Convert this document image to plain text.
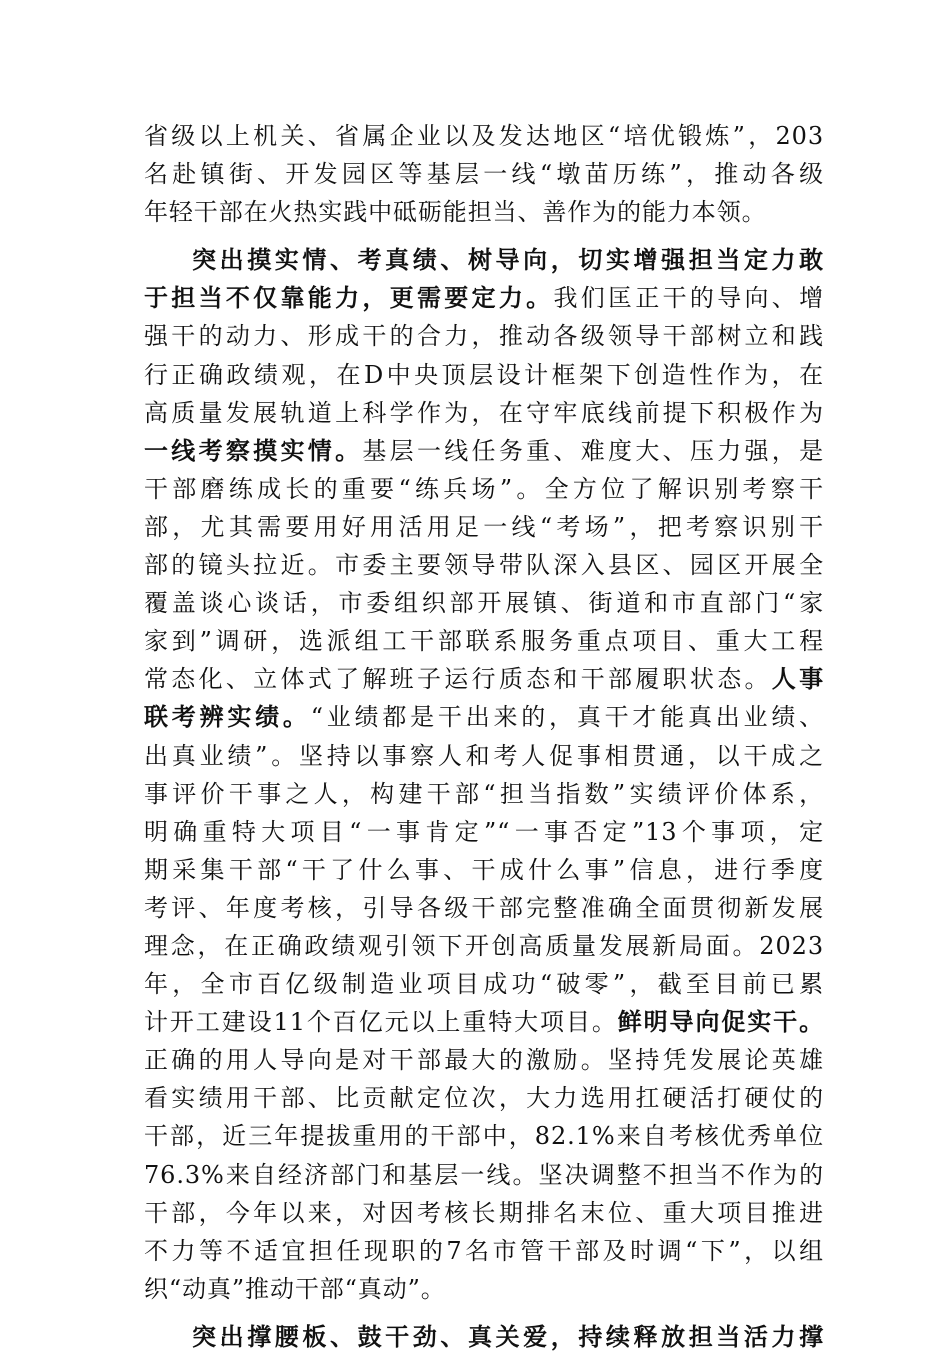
省级以上机关、省属企业以及发达地区“培优锻炼”，203
名赴镇街、开发园区等基层一线“墩苗历练”，推动各级
年轻干部在火热实践中砥砺能担当、善作为的能力本领。
突出摸实情、考真绩、树导向，切实增强担当定力敢
于担当不仅靠能力，更需要定力。我们匡正干的导向、增
强干的动力、形成干的合力，推动各级领导干部树立和践
行正确政绩观，在D中央顶层设计框架下创造性作为，在
高质量发展轨道上科学作为，在守牢底线前提下积极作为
一线考察摸实情。基层一线任务重、难度大、压力强，是
干部磨练成长的重要“练兵场”。全方位了解识别考察干
部，尤其需要用好用活用足一线“考场”，把考察识别干
部的镜头拉近。市委主要领导带队深入县区、园区开展全
覆盖谈心谈话，市委组织部开展镇、街道和市直部门“家
家到”调研，选派组工干部联系服务重点项目、重大工程
常态化、立体式了解班子运行质态和干部履职状态。人事
联考辨实绩。“业绩都是干出来的，真干才能真出业绩、
出真业绩”。坚持以事察人和考人促事相贯通，以干成之
事评价干事之人，构建干部“担当指数”实绩评价体系，
明确重特大项目“一事肯定”“一事否定”13个事项，定
期采集干部“干了什么事、干成什么事”信息，进行季度
考评、年度考核，引导各级干部完整准确全面贯彻新发展
理念，在正确政绩观引领下开创高质量发展新局面。2023
年，全市百亿级制造业项目成功“破零”，截至目前已累
计开工建设11个百亿元以上重特大项目。鲜明导向促实干。
正确的用人导向是对干部最大的激励。坚持凭发展论英雄
看实绩用干部、比贡献定位次，大力选用扛硬活打硬仗的
干部，近三年提拔重用的干部中，82.1%来自考核优秀单位
76.3%来自经济部门和基层一线。坚决调整不担当不作为的
干部，今年以来，对因考核长期排名末位、重大项目推进
不力等不适宜担任现职的7名市管干部及时调“下”，以组
织“动真”推动干部“真动”。
突出撑腰板、鼓干劲、真关爱，持续释放担当活力撑
